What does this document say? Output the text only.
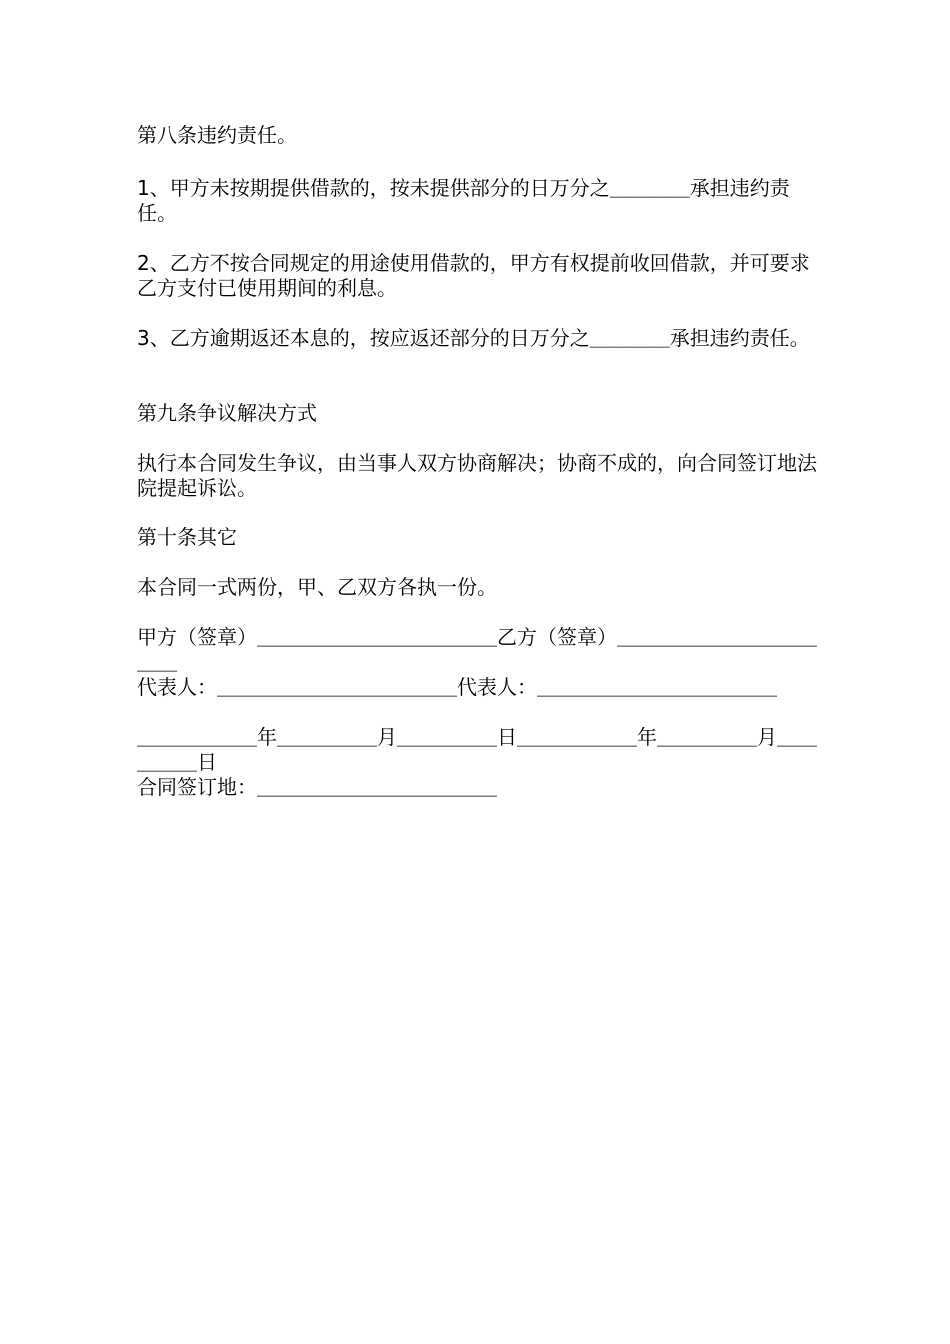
第八条违约责任。

1、甲方未按期提供借款的，按未提供部分的日万分之＿＿＿＿承担违约责任。

2、乙方不按合同规定的用途使用借款的，甲方有权提前收回借款，并可要求乙方支付已使用期间的利息。

3、乙方逾期返还本息的，按应返还部分的日万分之＿＿＿＿承担违约责任。

第九条争议解决方式

执行本合同发生争议，由当事人双方协商解决；协商不成的，向合同签订地法院提起诉讼。

第十条其它

本合同一式两份，甲、乙双方各执一份。

甲方（签章）＿＿＿＿＿＿＿＿＿＿＿＿乙方（签章）＿＿＿＿＿＿＿＿＿＿＿＿

代表人：＿＿＿＿＿＿＿＿＿＿＿＿代表人：＿＿＿＿＿＿＿＿＿＿＿＿

＿＿＿＿＿＿年＿＿＿＿＿月＿＿＿＿＿日＿＿＿＿＿＿年＿＿＿＿＿月＿＿＿＿＿日

合同签订地：＿＿＿＿＿＿＿＿＿＿＿＿
